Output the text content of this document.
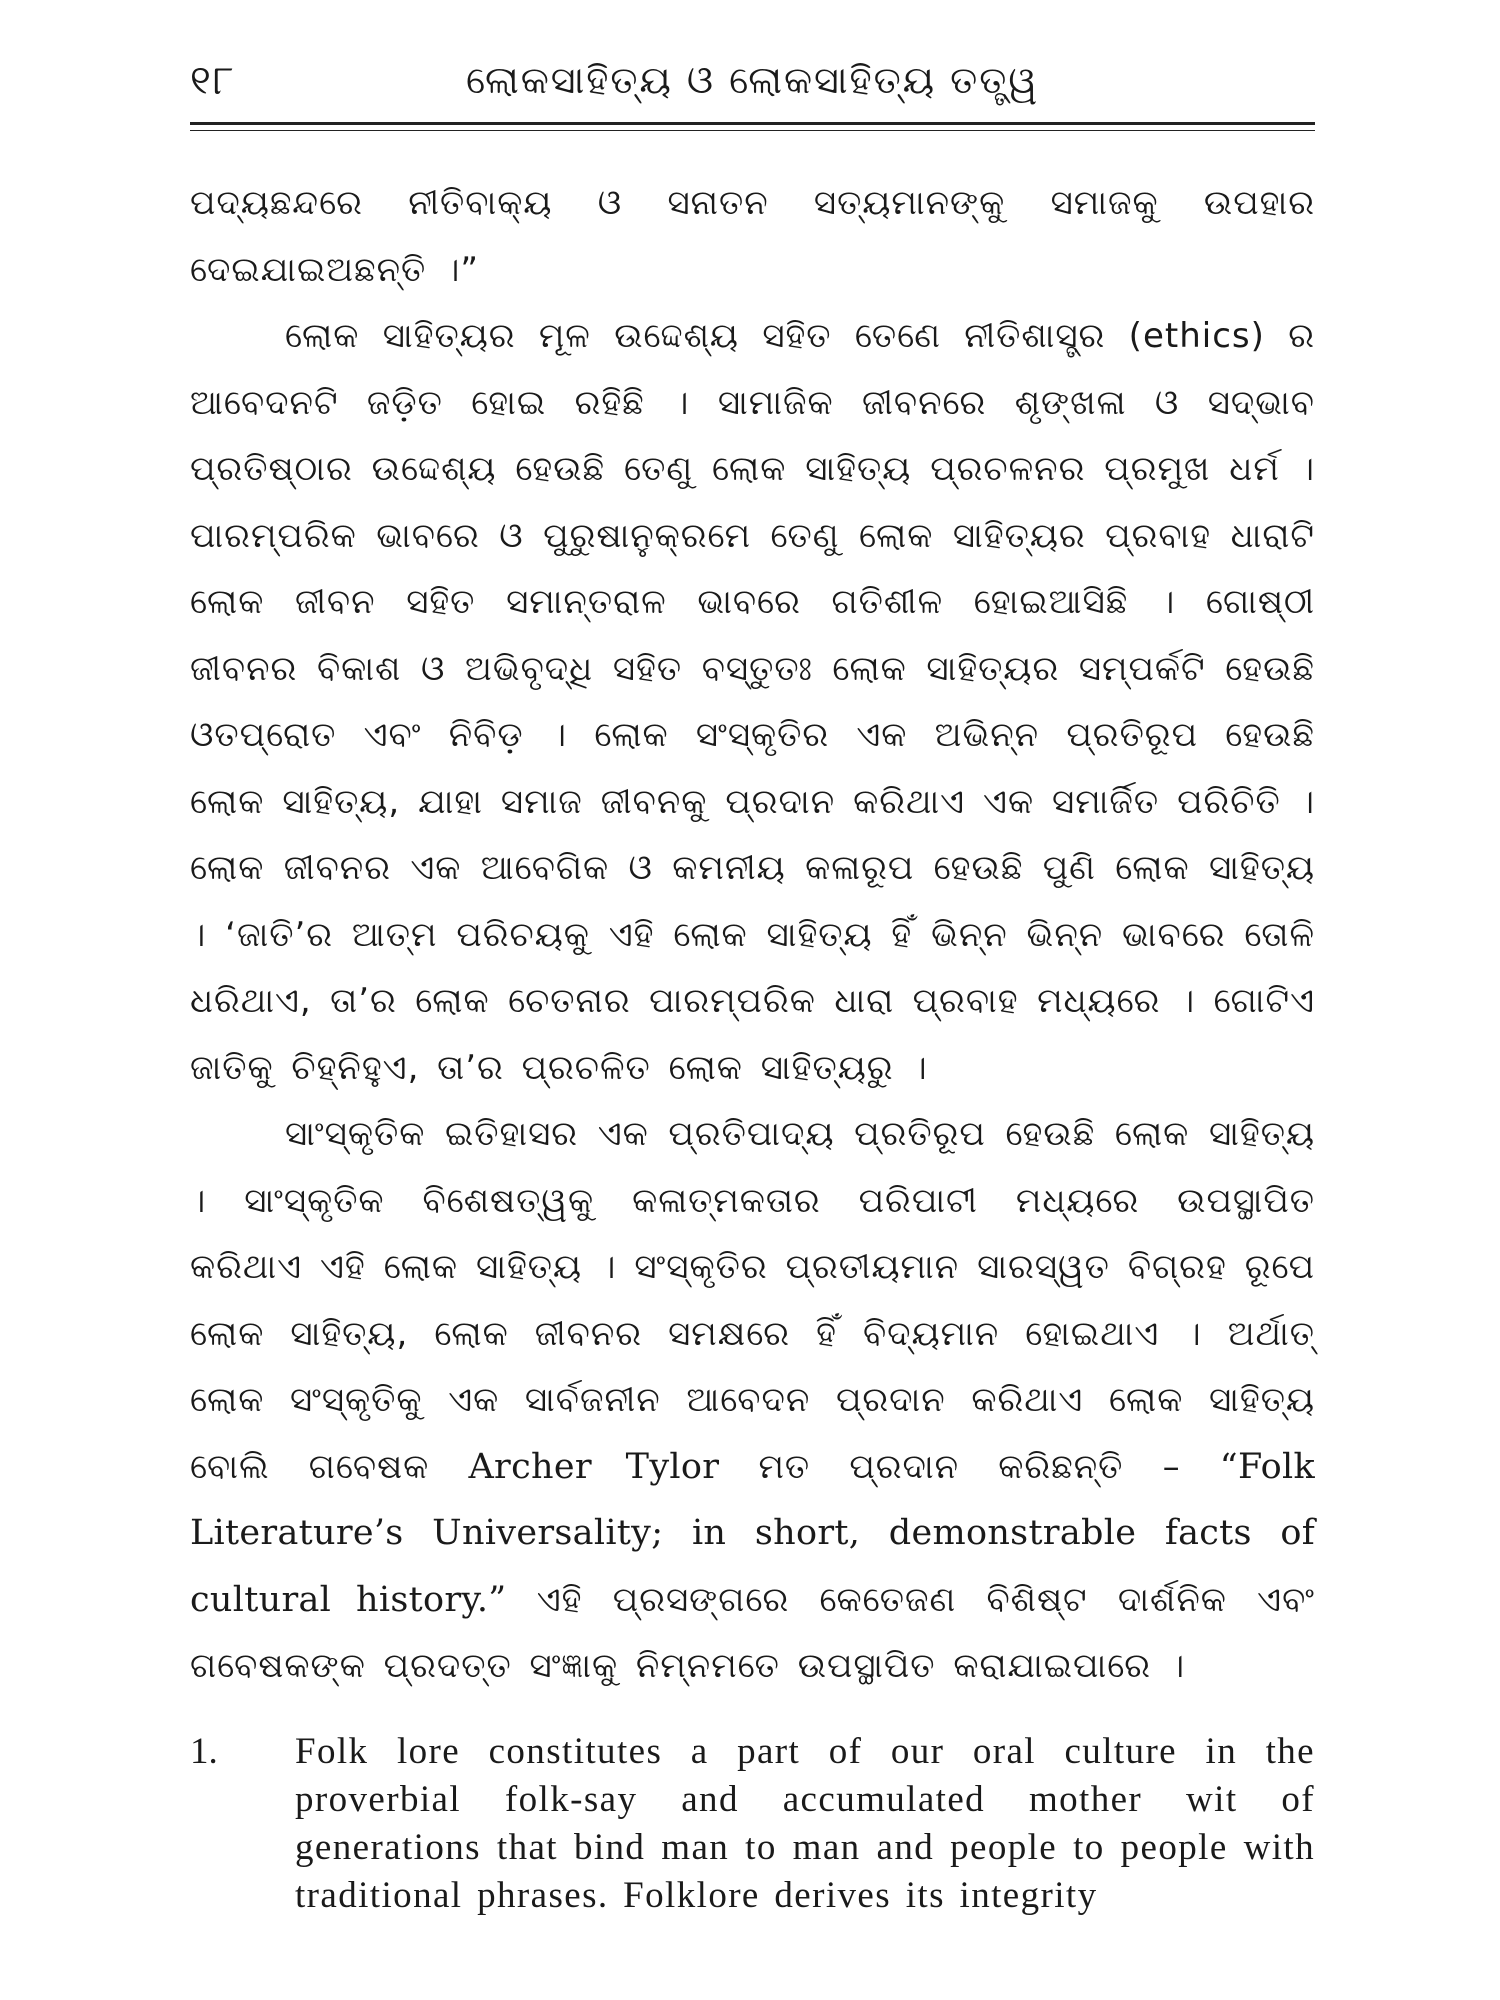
୧୮	ଲୋକସାହିତ୍ୟ ଓ ଲୋକସାହିତ୍ୟ ତତ୍ତ୍ୱ

ପଦ୍ୟଛନ୍ଦରେ ନୀତିବାକ୍ୟ ଓ ସନାତନ ସତ୍ୟମାନଙ୍କୁ ସମାଜକୁ ଉପହାର ଦେଇଯାଇଅଛନ୍ତି ।”

ଲୋକ ସାହିତ୍ୟର ମୂଳ ଉଦ୍ଦେଶ୍ୟ ସହିତ ତେଣେ ନୀତିଶାସ୍ତ୍ର (ethics) ର ଆବେଦନଟି ଜଡ଼ିତ ହୋଇ ରହିଛି । ସାମାଜିକ ଜୀବନରେ ଶୃଙ୍ଖଳା ଓ ସଦ୍‌ଭାବ ପ୍ରତିଷ୍ଠାର ଉଦ୍ଦେଶ୍ୟ ହେଉଛି ତେଣୁ ଲୋକ ସାହିତ୍ୟ ପ୍ରଚଳନର ପ୍ରମୁଖ ଧର୍ମ । ପାରମ୍ପରିକ ଭାବରେ ଓ ପୁରୁଷାନୁକ୍ରମେ ତେଣୁ ଲୋକ ସାହିତ୍ୟର ପ୍ରବାହ ଧାରାଟି ଲୋକ ଜୀବନ ସହିତ ସମାନ୍ତରାଳ ଭାବରେ ଗତିଶୀଳ ହୋଇଆସିଛି । ଗୋଷ୍ଠୀ ଜୀବନର ବିକାଶ ଓ ଅଭିବୃଦ୍ଧି ସହିତ ବସ୍ତୁତଃ ଲୋକ ସାହିତ୍ୟର ସମ୍ପର୍କଟି ହେଉଛି ଓତପ୍ରୋତ ଏବଂ ନିବିଡ଼ । ଲୋକ ସଂସ୍କୃତିର ଏକ ଅଭିନ୍ନ ପ୍ରତିରୂପ ହେଉଛି ଲୋକ ସାହିତ୍ୟ, ଯାହା ସମାଜ ଜୀବନକୁ ପ୍ରଦାନ କରିଥାଏ ଏକ ସମାର୍ଜିତ ପରିଚିତି । ଲୋକ ଜୀବନର ଏକ ଆବେଗିକ ଓ କମନୀୟ କଳାରୂପ ହେଉଛି ପୁଣି ଲୋକ ସାହିତ୍ୟ । ‘ଜାତି’ର ଆତ୍ମ ପରିଚୟକୁ ଏହି ଲୋକ ସାହିତ୍ୟ ହିଁ ଭିନ୍ନ ଭିନ୍ନ ଭାବରେ ତୋଳି ଧରିଥାଏ, ତା’ର ଲୋକ ଚେତନାର ପାରମ୍ପରିକ ଧାରା ପ୍ରବାହ ମଧ୍ୟରେ । ଗୋଟିଏ ଜାତିକୁ ଚିହ୍ନିହୁଏ, ତା’ର ପ୍ରଚଳିତ ଲୋକ ସାହିତ୍ୟରୁ ।

ସାଂସ୍କୃତିକ ଇତିହାସର ଏକ ପ୍ରତିପାଦ୍ୟ ପ୍ରତିରୂପ ହେଉଛି ଲୋକ ସାହିତ୍ୟ । ସାଂସ୍କୃତିକ ବିଶେଷତ୍ୱକୁ କଳାତ୍ମକତାର ପରିପାଟୀ ମଧ୍ୟରେ ଉପସ୍ଥାପିତ କରିଥାଏ ଏହି ଲୋକ ସାହିତ୍ୟ । ସଂସ୍କୃତିର ପ୍ରତୀୟମାନ ସାରସ୍ୱତ ବିଗ୍ରହ ରୂପେ ଲୋକ ସାହିତ୍ୟ, ଲୋକ ଜୀବନର ସମକ୍ଷରେ ହିଁ ବିଦ୍ୟମାନ ହୋଇଥାଏ । ଅର୍ଥାତ୍ ଲୋକ ସଂସ୍କୃତିକୁ ଏକ ସାର୍ବଜନୀନ ଆବେଦନ ପ୍ରଦାନ କରିଥାଏ ଲୋକ ସାହିତ୍ୟ ବୋଲି ଗବେଷକ Archer Tylor ମତ ପ୍ରଦାନ କରିଛନ୍ତି – “Folk Literature’s Universality; in short, demonstrable facts of cultural history.” ଏହି ପ୍ରସଙ୍ଗରେ କେତେଜଣ ବିଶିଷ୍ଟ ଦାର୍ଶନିକ ଏବଂ ଗବେଷକଙ୍କ ପ୍ରଦତ୍ତ ସଂଜ୍ଞାକୁ ନିମ୍ନମତେ ଉପସ୍ଥାପିତ କରାଯାଇପାରେ ।

1.	Folk lore constitutes a part of our oral culture in the proverbial folk-say and accumulated mother wit of generations that bind man to man and people to people with traditional phrases. Folklore derives its integrity
